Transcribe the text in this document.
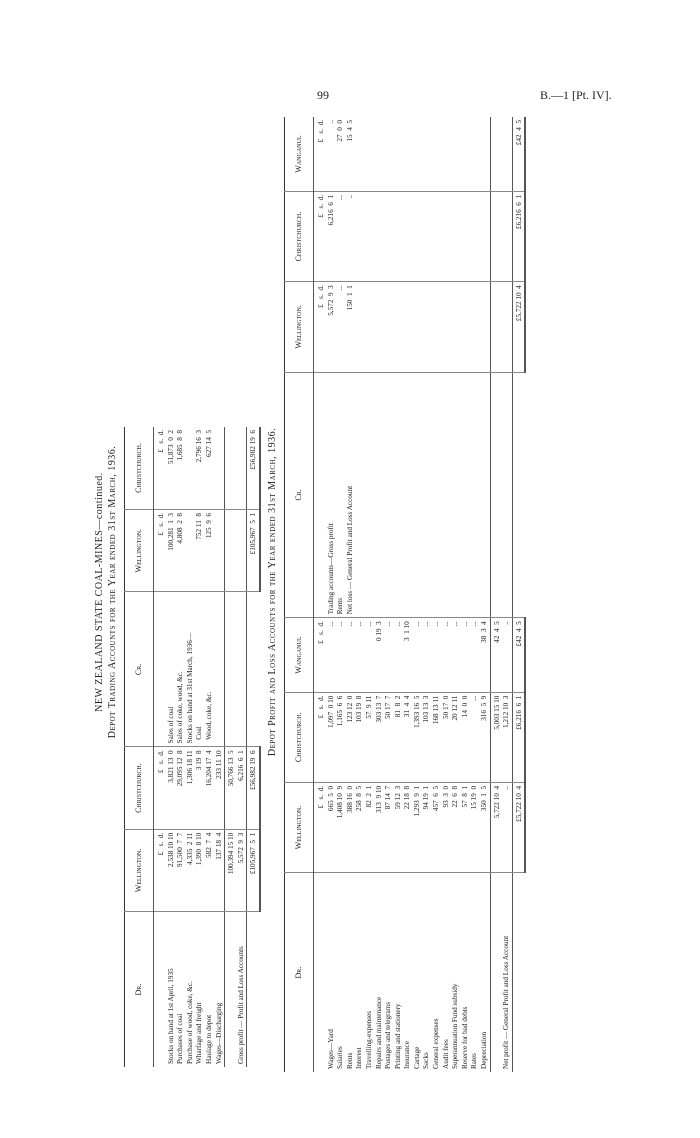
99	B.—1 [Pt. IV].
NEW ZEALAND STATE COAL-MINES—continued. Depot Trading Accounts for the Year ended 31st March, 1936.
Dr.	Wellington.	Christchurch.	Cr.	Wellington.	Christchurch.
	£   s.  d.	£   s.  d.		£   s.  d.	£   s.  d.
Stocks on hand at 1st April, 1935	2,538 10 10	3,821 13  0	Sales of coal	100,281  1  3	51,873  0  2
Purchases of coal	91,500  7  7	29,095 12  8	Sales of coke, wood, &c.	4,808  2  8	1,685  8  8
Purchase of wood, coke, &c.	4,335  2 11	1,306 18 11	Stocks on hand at 31st March, 1936—		
Wharfage and freight	1,390  8 10	3 19  8	Coal	752 11  8	2,796 16  3
Haulage to depot	582  7  4	16,204 17  4	Wood, coke, &c.	125  9  6	627 14  5
Wages—Discharging	137 18  4	233 11 10			
	100,394 15 10	50,766 13  5			
Gross profit — Profit and Loss Accounts	5,572  9  3	6,216  6  1			
	£105,967  5  1	£56,982 19  6		£105,967  5  1	£56,982 19  6 Depot Profit and Loss Accounts for the Year ended 31st March, 1936.
Dr.	Wellington.	Christchurch.	Wanganui.	Cr.	Wellington.	Christchurch.	Wanganui.
	£   s.  d.	£   s.  d.	£   s.  d.		£   s.  d.	£   s.  d.	£   s.  d.
Wages—Yard	665  5  0	1,097  0 10	...	Trading accounts—Gross profit	5,572  9  3	6,216  6  1	..
Salaries	1,408 10  9	1,165  6  6	...	Rents	...	...	27  0  0
Rents	388 16  0	123 12  0	...	Net loss — General Profit and Loss Account	150  1  1	..	15  4  5
Interest	258  8  5	103 19  8	...				
Travelling-expenses	82  2  1	57  9 11	...				
Repairs and maintenance	313  9 10	303 13  7	0 19  3				
Postages and telegrams	87 14  7	50 17  7	...				
Printing and stationery	59 12  3	81  8  2	...				
Insurance	22 18  8	31  4  4	3  1 10				
Cartage	1,293  9  1	1,393 16  5	...				
Sacks	94 19  1	103 13  3	...				
General expenses	457  6  5	168 13 11	...				
Audit fees	93  3  0	50 17  0	...				
Superannuation Fund subsidy	22  6  8	20 12 11	...				
Reserve for bad debts	57  8  1	14  0  0	...				
Rates	15 19  0	...	...				
Depreciation	350  1  5	316  5  9	38  3  4				
	5,722 10  4	5,003 15 10	42  4  5				
Net profit — General Profit and Loss Account	..	1,212 10  3	..				
	£5,722 10  4	£6,216  6  1	£42  4  5		£5,722 10  4	£6,216  6  1	£42  4  5
